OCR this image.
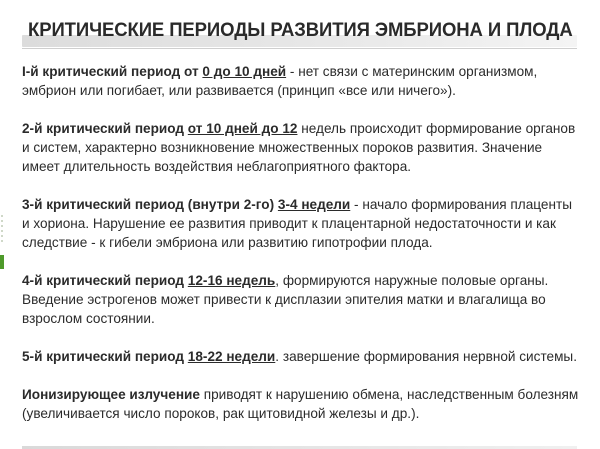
КРИТИЧЕСКИЕ ПЕРИОДЫ РАЗВИТИЯ ЭМБРИОНА И ПЛОДА

I-й критический период от 0 до 10 дней - нет связи с материнским организмом, эмбрион или погибает, или развивается (принцип «все или ничего»).

2-й критический период от 10 дней до 12 недель происходит формирование органов и систем, характерно возникновение множественных пороков развития. Значение имеет длительность воздействия неблагоприятного фактора.

3-й критический период (внутри 2-го) 3-4 недели - начало формирования плаценты и хориона. Нарушение ее развития приводит к плацентарной недостаточности и как следствие - к гибели эмбриона или развитию гипотрофии плода.

4-й критический период 12-16 недель, формируются наружные половые органы. Введение эстрогенов может привести к дисплазии эпителия матки и влагалища во взрослом состоянии.

5-й критический период 18-22 недели. завершение формирования нервной системы.

Ионизирующее излучение приводят к нарушению обмена, наследственным болезням (увеличивается число пороков, рак щитовидной железы и др.).
